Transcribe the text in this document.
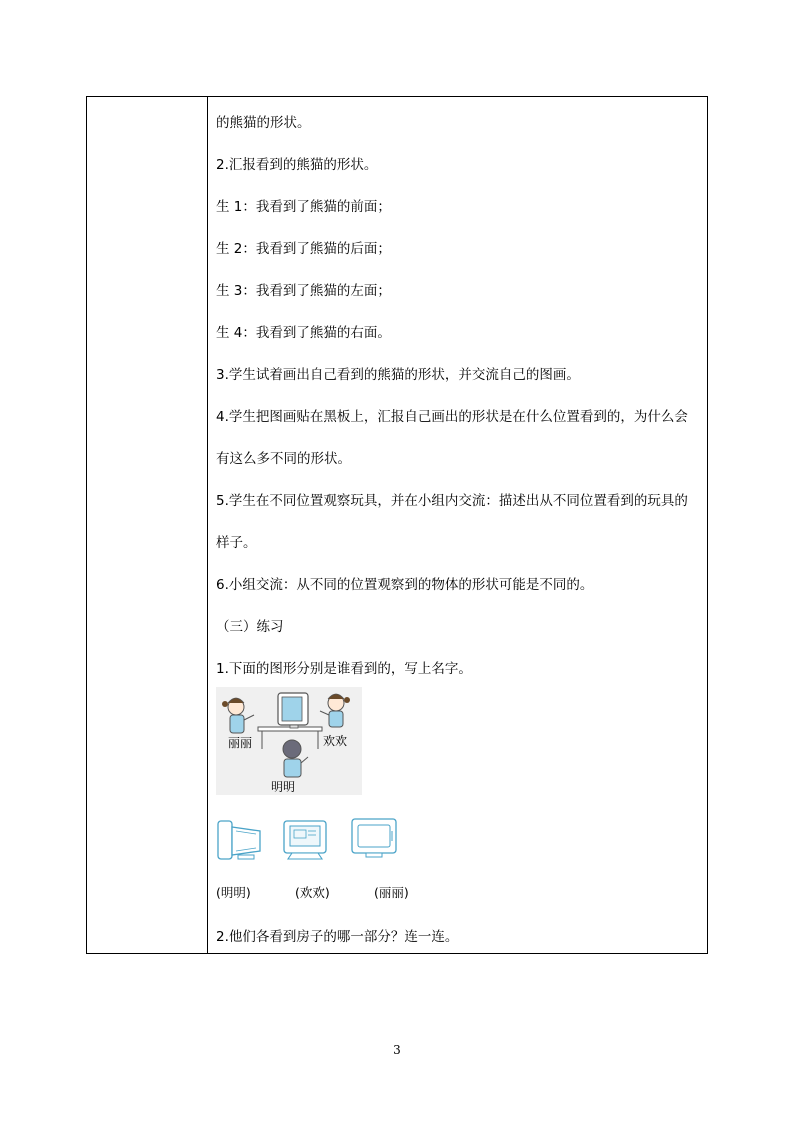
的熊猫的形状。
2.汇报看到的熊猫的形状。
生 1：我看到了熊猫的前面；
生 2：我看到了熊猫的后面；
生 3：我看到了熊猫的左面；
生 4：我看到了熊猫的右面。
3.学生试着画出自己看到的熊猫的形状，并交流自己的图画。
4.学生把图画贴在黑板上，汇报自己画出的形状是在什么位置看到的，为什么会
有这么多不同的形状。
5.学生在不同位置观察玩具，并在小组内交流：描述出从不同位置看到的玩具的
样子。
6.小组交流：从不同的位置观察到的物体的形状可能是不同的。
（三）练习
1.下面的图形分别是谁看到的，写上名字。
丽丽	欢欢
明明
(明明)	(欢欢)	(丽丽)
2.他们各看到房子的哪一部分？连一连。
3
